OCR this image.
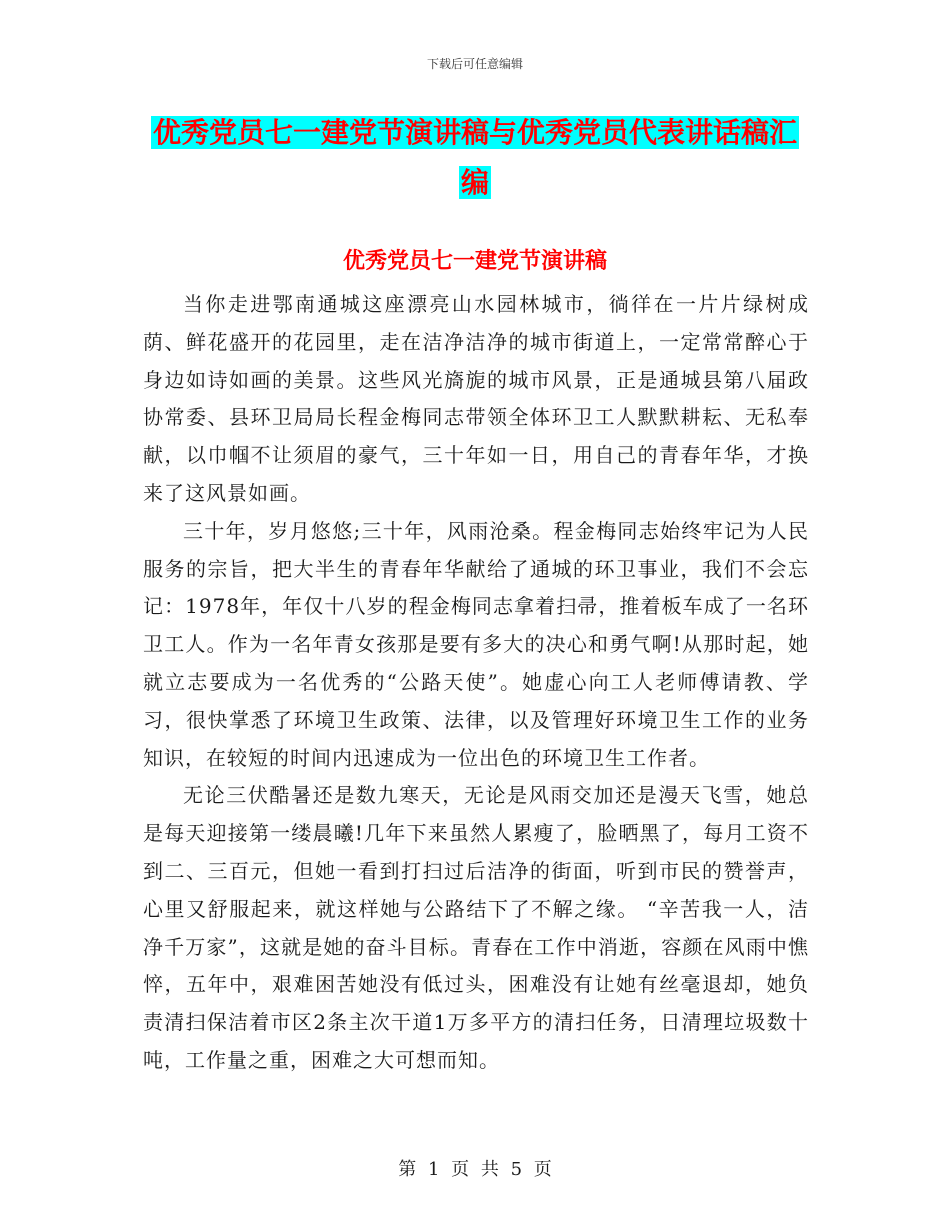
下载后可任意编辑
优秀党员七一建党节演讲稿与优秀党员代表讲话稿汇
编
优秀党员七一建党节演讲稿

当你走进鄂南通城这座漂亮山水园林城市，徜徉在一片片绿树成荫、鲜花盛开的花园里，走在洁净洁净的城市街道上，一定常常醉心于身边如诗如画的美景。这些风光旖旎的城市风景，正是通城县第八届政协常委、县环卫局局长程金梅同志带领全体环卫工人默默耕耘、无私奉献，以巾帼不让须眉的豪气，三十年如一日，用自己的青春年华，才换来了这风景如画。

三十年，岁月悠悠;三十年，风雨沧桑。程金梅同志始终牢记为人民服务的宗旨，把大半生的青春年华献给了通城的环卫事业，我们不会忘记：1978年，年仅十八岁的程金梅同志拿着扫帚，推着板车成了一名环卫工人。作为一名年青女孩那是要有多大的决心和勇气啊!从那时起，她就立志要成为一名优秀的“公路天使”。她虚心向工人老师傅请教、学习，很快掌悉了环境卫生政策、法律，以及管理好环境卫生工作的业务知识，在较短的时间内迅速成为一位出色的环境卫生工作者。

无论三伏酷暑还是数九寒天，无论是风雨交加还是漫天飞雪，她总是每天迎接第一缕晨曦!几年下来虽然人累瘦了，脸晒黑了，每月工资不到二、三百元，但她一看到打扫过后洁净的街面，听到市民的赞誉声，心里又舒服起来，就这样她与公路结下了不解之缘。 “辛苦我一人，洁净千万家”，这就是她的奋斗目标。青春在工作中消逝，容颜在风雨中憔悴，五年中，艰难困苦她没有低过头，困难没有让她有丝毫退却，她负责清扫保洁着市区2条主次干道1万多平方的清扫任务，日清理垃圾数十吨，工作量之重，困难之大可想而知。

第 1 页 共 5 页
